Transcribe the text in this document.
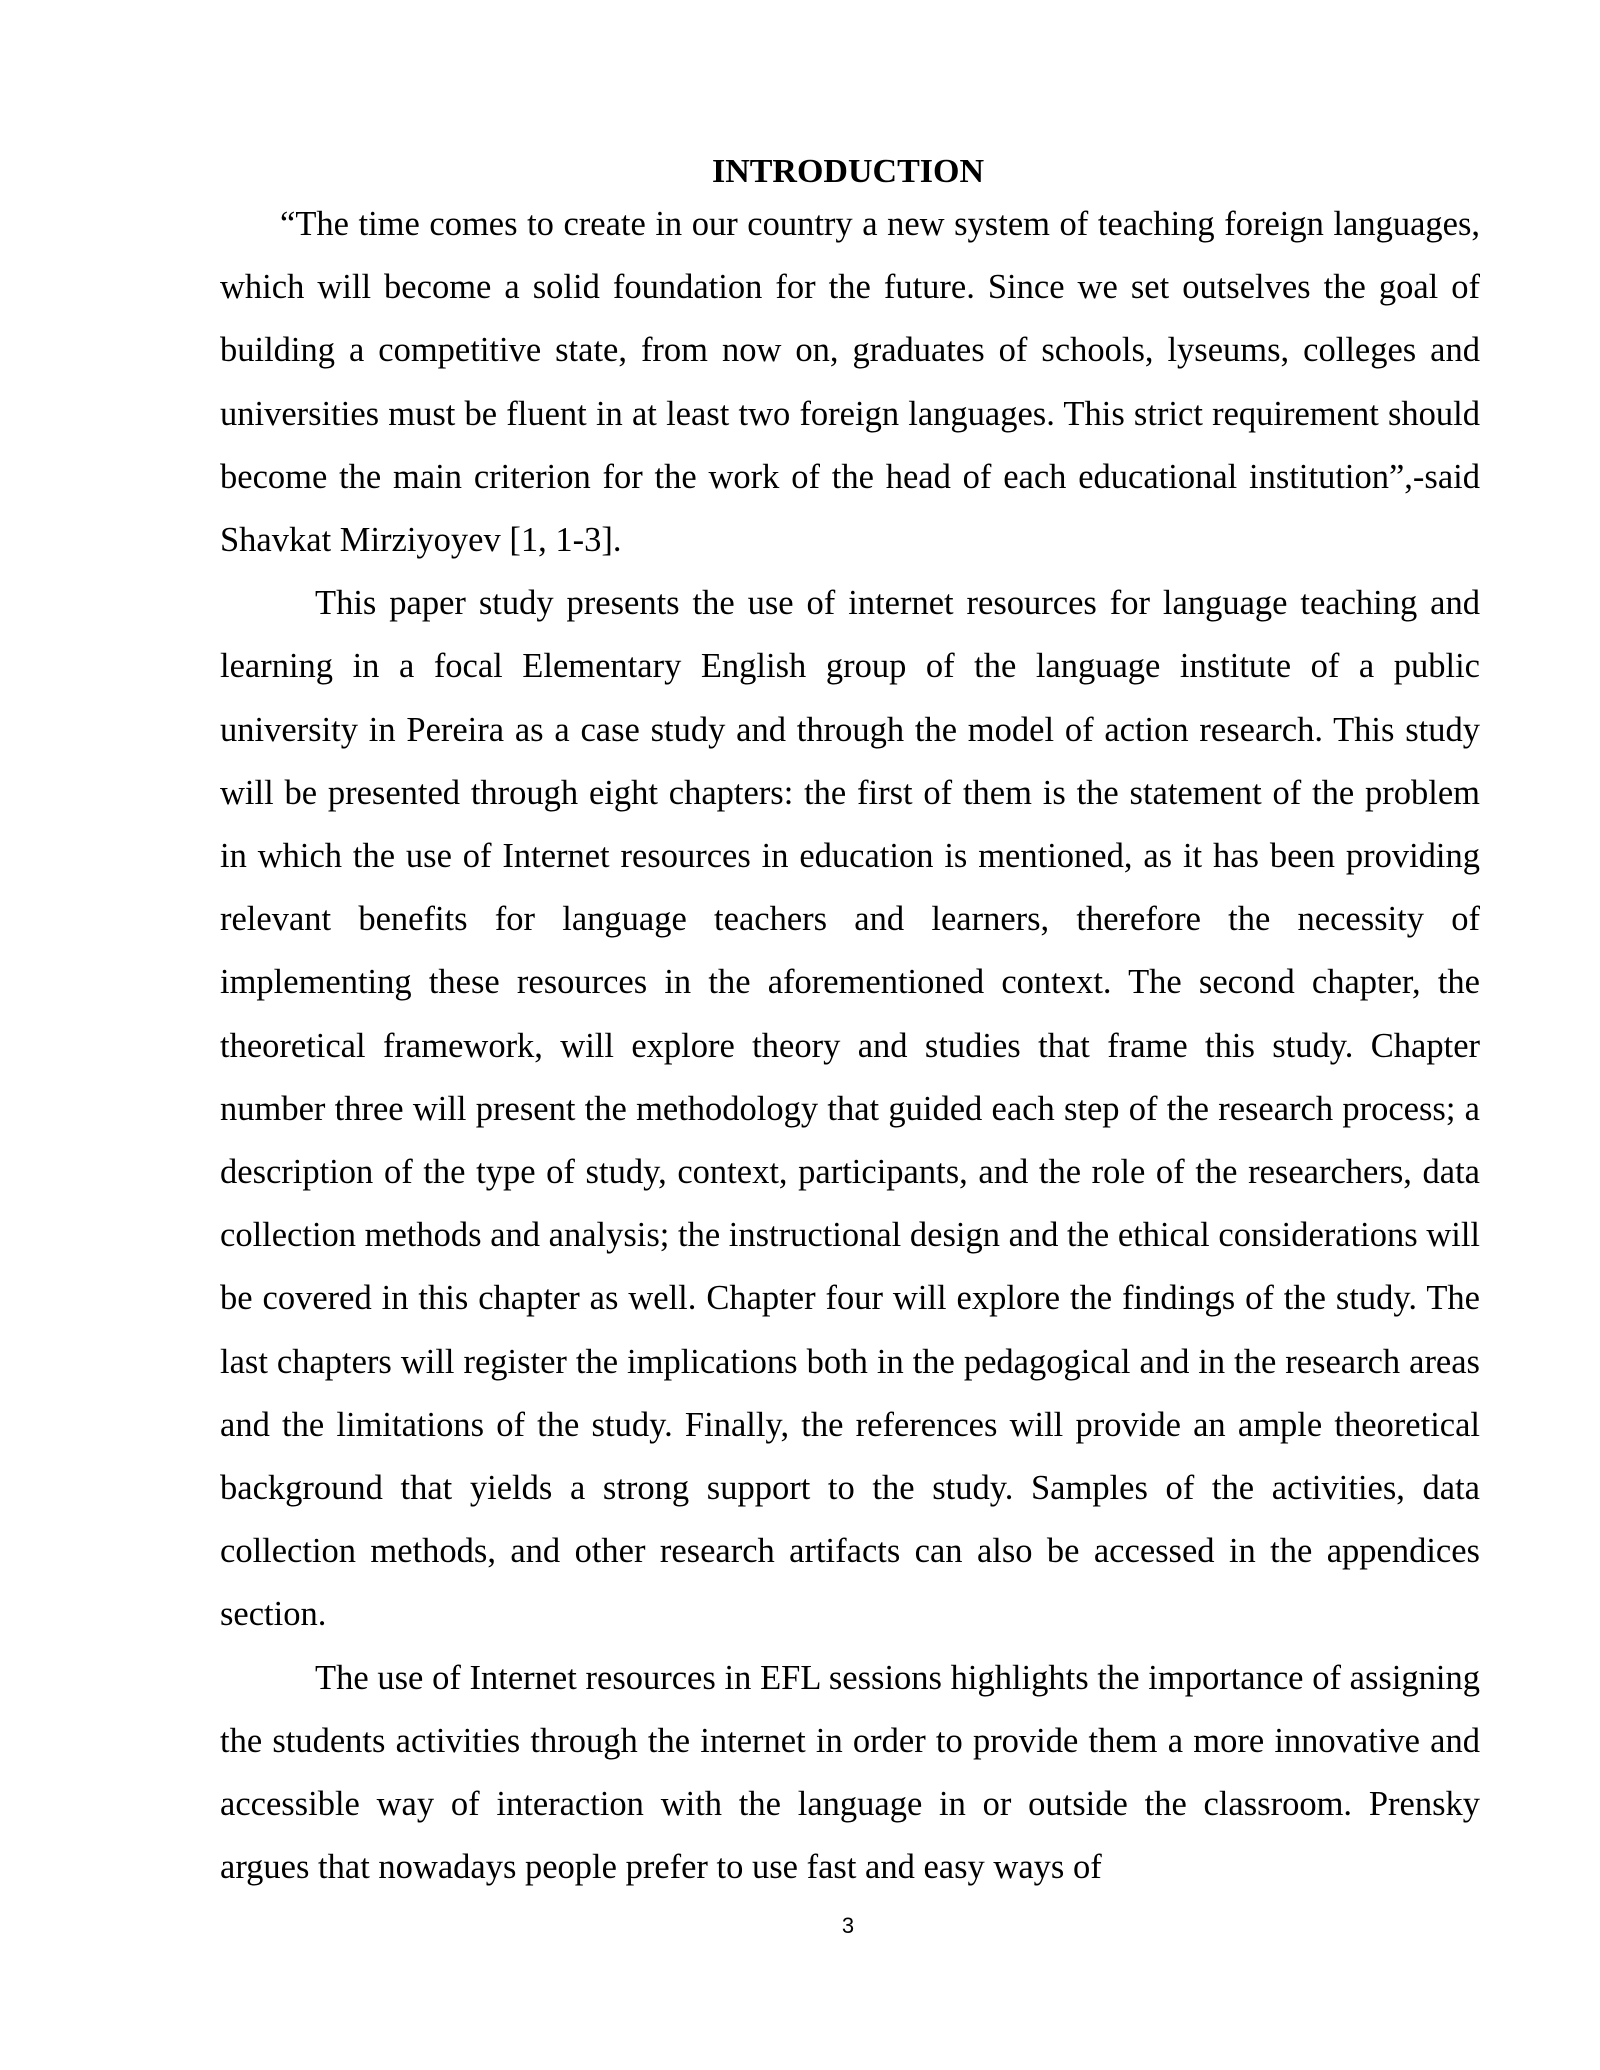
INTRODUCTION

“The time comes to create in our country a new system of teaching foreign languages, which will become a solid foundation for the future. Since we set outselves the goal of building a competitive state, from now on, graduates of schools, lyseums, colleges and universities must be fluent in at least two foreign languages. This strict requirement should become the main criterion for the work of the head of each educational institution”,-said Shavkat Mirziyoyev [1, 1-3].

This paper study presents the use of internet resources for language teaching and learning in a focal Elementary English group of the language institute of a public university in Pereira as a case study and through the model of action research. This study will be presented through eight chapters: the first of them is the statement of the problem in which the use of Internet resources in education is mentioned, as it has been providing relevant benefits for language teachers and learners, therefore the necessity of implementing these resources in the aforementioned context. The second chapter, the theoretical framework, will explore theory and studies that frame this study. Chapter number three will present the methodology that guided each step of the research process; a description of the type of study, context, participants, and the role of the researchers, data collection methods and analysis; the instructional design and the ethical considerations will be covered in this chapter as well. Chapter four will explore the findings of the study. The last chapters will register the implications both in the pedagogical and in the research areas and the limitations of the study. Finally, the references will provide an ample theoretical background that yields a strong support to the study. Samples of the activities, data collection methods, and other research artifacts can also be accessed in the appendices section.

The use of Internet resources in EFL sessions highlights the importance of assigning the students activities through the internet in order to provide them a more innovative and accessible way of interaction with the language in or outside the classroom. Prensky argues that nowadays people prefer to use fast and easy ways of

3
